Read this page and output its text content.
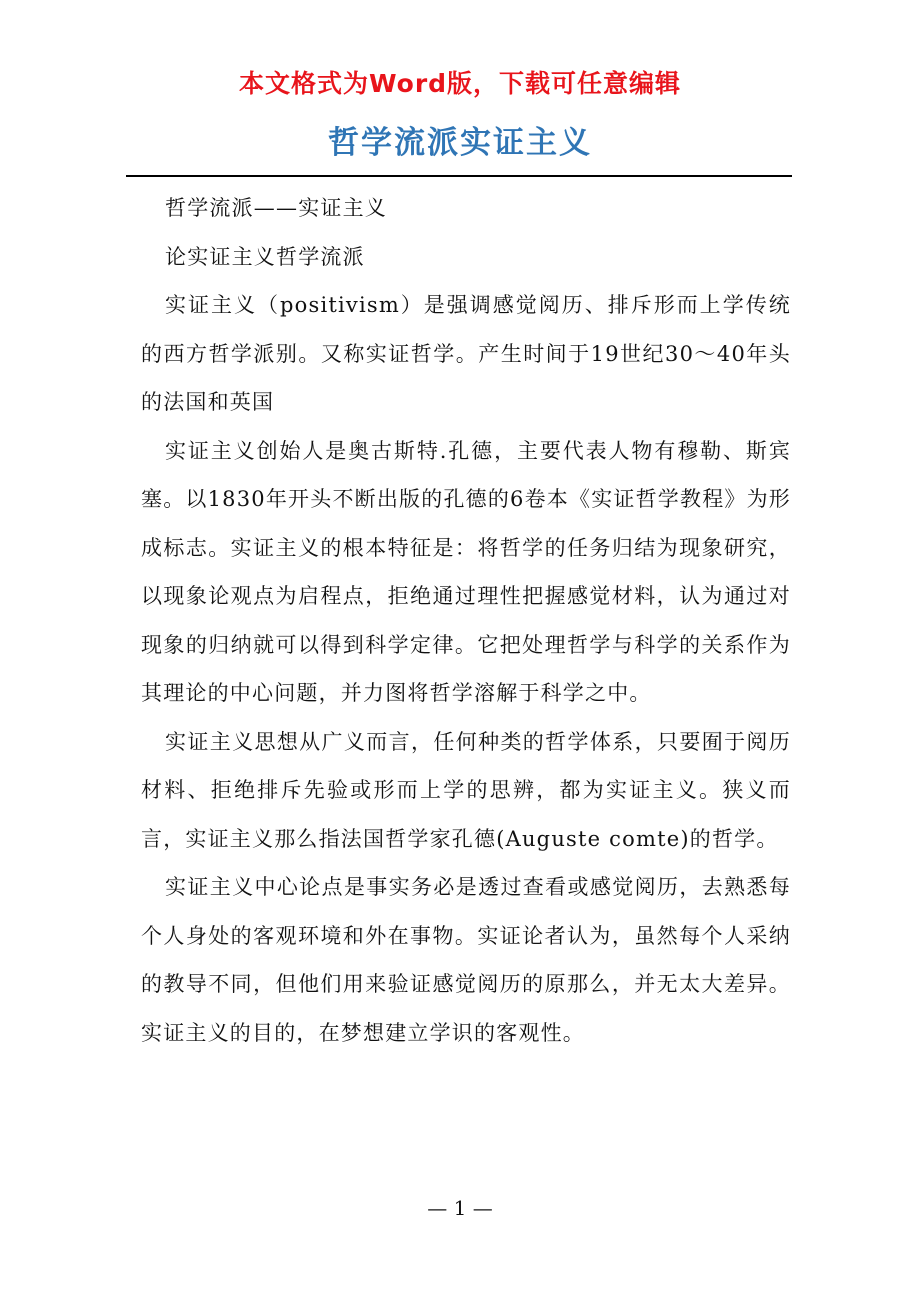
本文格式为Word版，下载可任意编辑
哲学流派实证主义

哲学流派——实证主义

论实证主义哲学流派

实证主义（positivism）是强调感觉阅历、排斥形而上学传统的西方哲学派别。又称实证哲学。产生时间于19世纪30～40年头的法国和英国

实证主义创始人是奥古斯特.孔德，主要代表人物有穆勒、斯宾塞。以1830年开头不断出版的孔德的6卷本《实证哲学教程》为形成标志。实证主义的根本特征是：将哲学的任务归结为现象研究，以现象论观点为启程点，拒绝通过理性把握感觉材料，认为通过对现象的归纳就可以得到科学定律。它把处理哲学与科学的关系作为其理论的中心问题，并力图将哲学溶解于科学之中。

实证主义思想从广义而言，任何种类的哲学体系，只要囿于阅历材料、拒绝排斥先验或形而上学的思辨，都为实证主义。狭义而言，实证主义那么指法国哲学家孔德(Auguste comte)的哲学。

实证主义中心论点是事实务必是透过查看或感觉阅历，去熟悉每个人身处的客观环境和外在事物。实证论者认为，虽然每个人采纳的教导不同，但他们用来验证感觉阅历的原那么，并无太大差异。实证主义的目的，在梦想建立学识的客观性。

— 1 —
